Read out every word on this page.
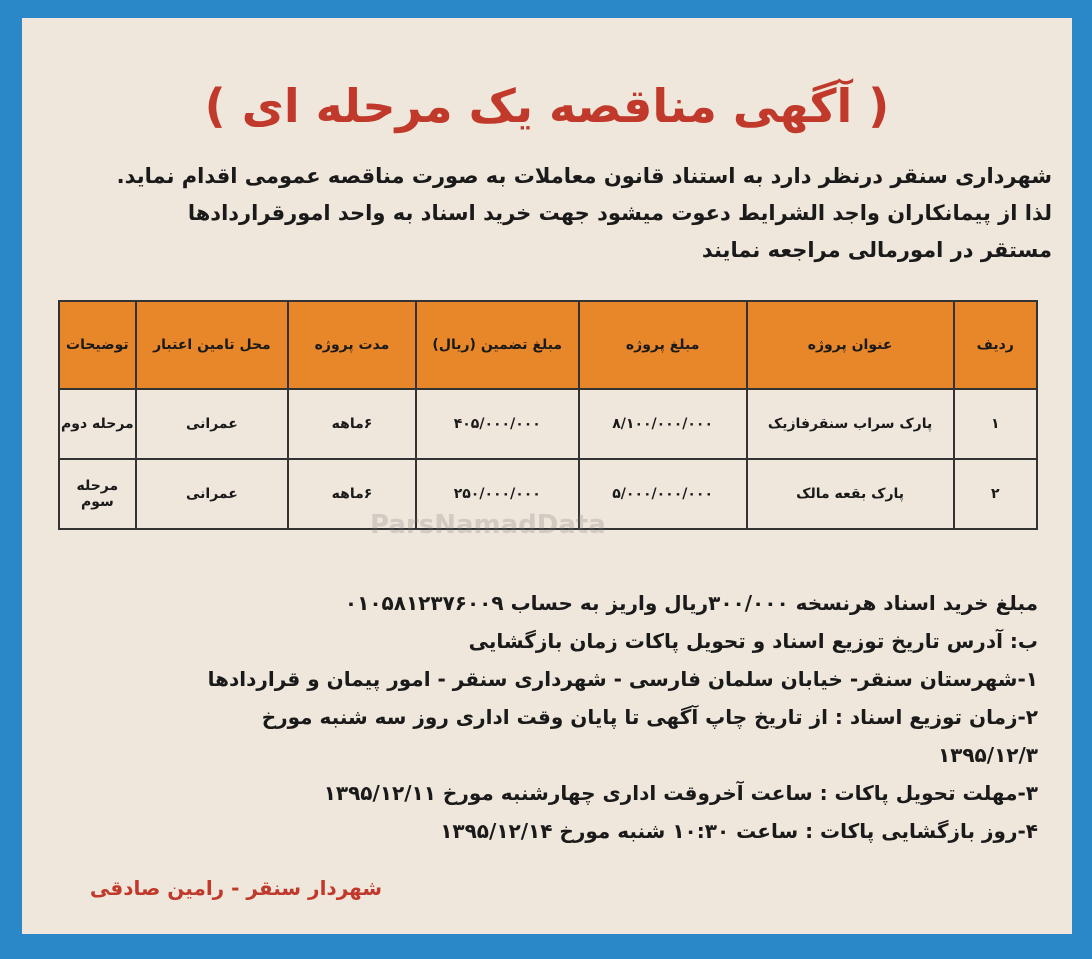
( آگهی مناقصه یک مرحله ای )
شهرداری سنقر درنظر دارد به استناد قانون معاملات به صورت مناقصه عمومی اقدام نماید.
لذا از پیمانکاران واجد الشرایط دعوت میشود جهت خرید اسناد به واحد امورقراردادها
مستقر در امورمالی مراجعه نمایند
ردیف	عنوان پروژه	مبلغ پروژه	مبلغ تضمین (ریال)	مدت پروژه	محل تامین اعتبار	توضیحات
۱	پارک سراب سنقرفازیک	۸/۱۰۰/۰۰۰/۰۰۰	۴۰۵/۰۰۰/۰۰۰	۶ماهه	عمرانی	مرحله دوم
۲	پارک بقعه مالک	۵/۰۰۰/۰۰۰/۰۰۰	۲۵۰/۰۰۰/۰۰۰	۶ماهه	عمرانی	مرحله سوم
ParsNamadData
مبلغ خرید اسناد هرنسخه ۳۰۰/۰۰۰ریال واریز به حساب ۰۱۰۵۸۱۲۳۷۶۰۰۹
ب: آدرس تاریخ توزیع اسناد و تحویل پاکات زمان بازگشایی
۱-شهرستان سنقر- خیابان سلمان فارسی - شهرداری سنقر - امور پیمان و قراردادها
۲-زمان توزیع اسناد : از تاریخ چاپ آگهی تا پایان وقت اداری روز سه شنبه مورخ
۱۳۹۵/۱۲/۳
۳-مهلت تحویل پاکات : ساعت آخروقت اداری چهارشنبه مورخ ۱۳۹۵/۱۲/۱۱
۴-روز بازگشایی پاکات : ساعت ۱۰:۳۰ شنبه مورخ ۱۳۹۵/۱۲/۱۴
شهردار سنقر - رامین صادقی
